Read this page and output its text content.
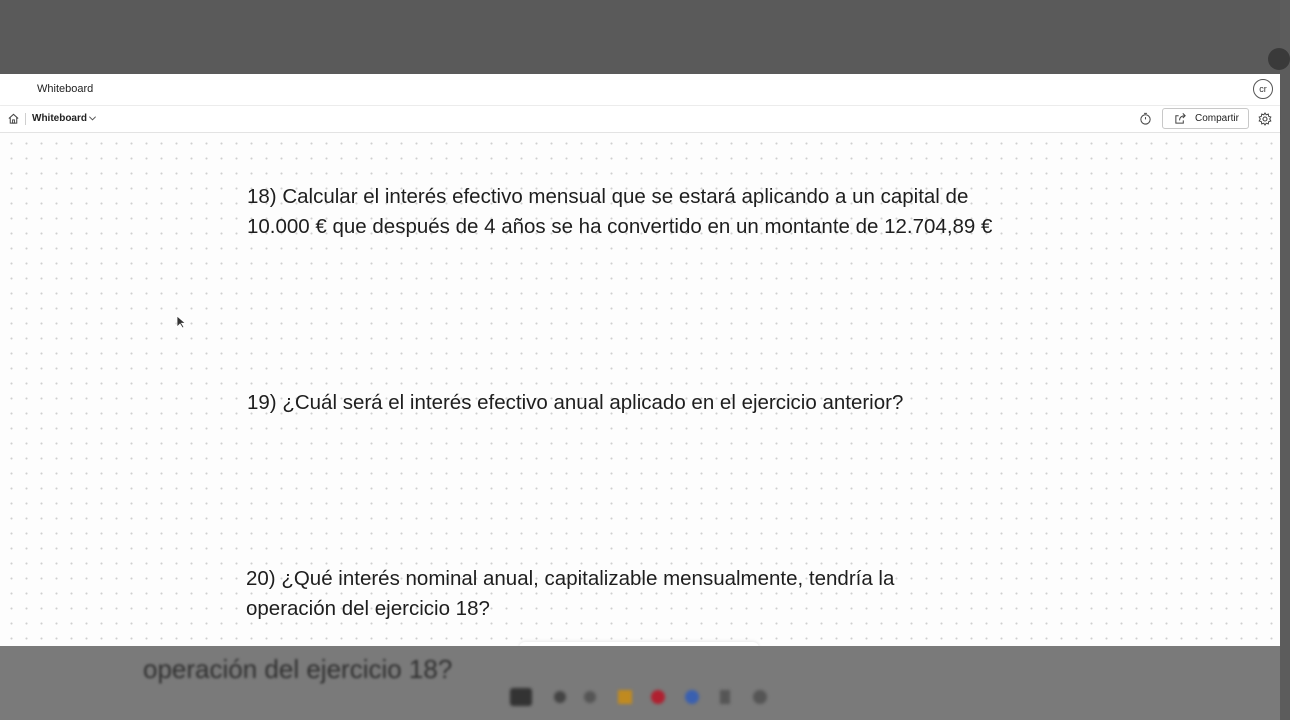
Whiteboard	cr
Whiteboard	Compartir
18) Calcular el interés efectivo mensual que se estará aplicando a un capital de
10.000 € que después de 4 años se ha convertido en un montante de 12.704,89 €
19) ¿Cuál será el interés efectivo anual aplicado en el ejercicio anterior?
20) ¿Qué interés nominal anual, capitalizable mensualmente, tendría la
operación del ejercicio 18?
operación del ejercicio 18?
